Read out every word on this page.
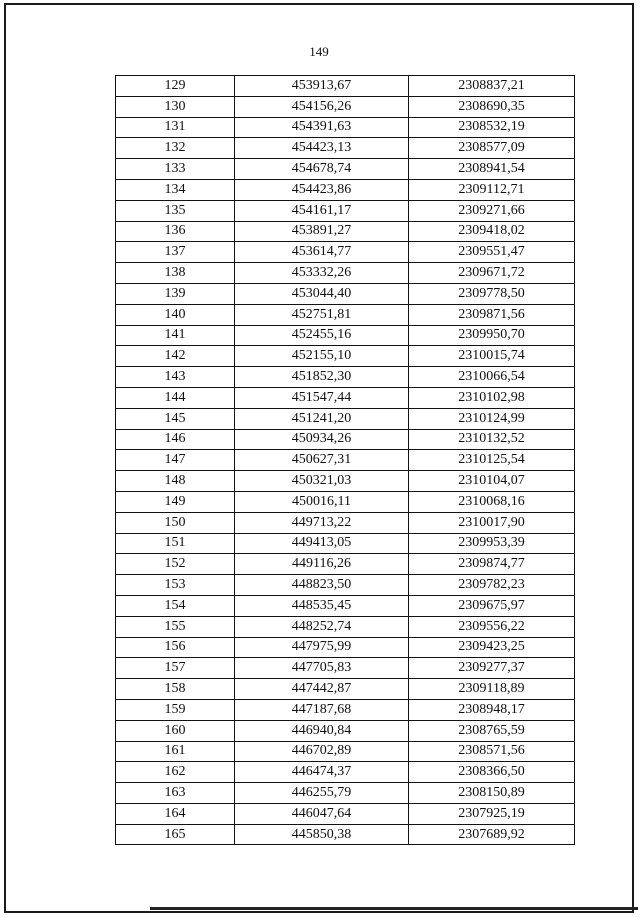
149
129	453913,67	2308837,21
130	454156,26	2308690,35
131	454391,63	2308532,19
132	454423,13	2308577,09
133	454678,74	2308941,54
134	454423,86	2309112,71
135	454161,17	2309271,66
136	453891,27	2309418,02
137	453614,77	2309551,47
138	453332,26	2309671,72
139	453044,40	2309778,50
140	452751,81	2309871,56
141	452455,16	2309950,70
142	452155,10	2310015,74
143	451852,30	2310066,54
144	451547,44	2310102,98
145	451241,20	2310124,99
146	450934,26	2310132,52
147	450627,31	2310125,54
148	450321,03	2310104,07
149	450016,11	2310068,16
150	449713,22	2310017,90
151	449413,05	2309953,39
152	449116,26	2309874,77
153	448823,50	2309782,23
154	448535,45	2309675,97
155	448252,74	2309556,22
156	447975,99	2309423,25
157	447705,83	2309277,37
158	447442,87	2309118,89
159	447187,68	2308948,17
160	446940,84	2308765,59
161	446702,89	2308571,56
162	446474,37	2308366,50
163	446255,79	2308150,89
164	446047,64	2307925,19
165	445850,38	2307689,92
